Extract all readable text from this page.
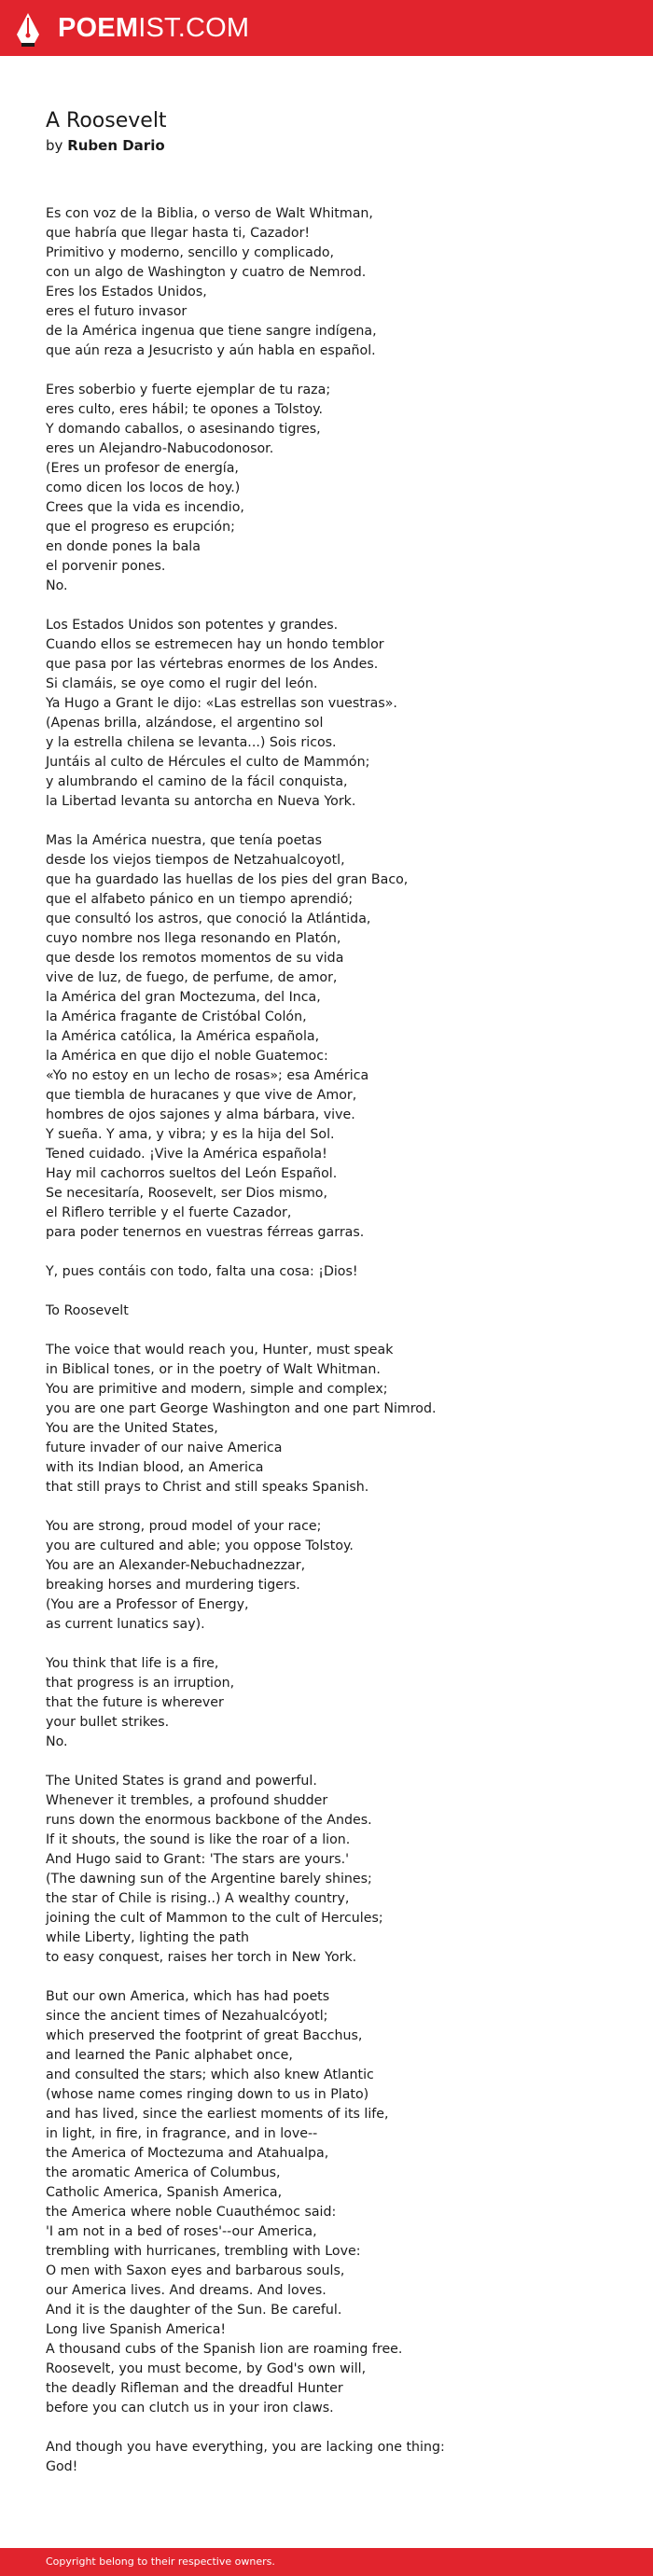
POEMIST.COM
A Roosevelt
by Ruben Dario
Es con voz de la Biblia, o verso de Walt Whitman,
que habría que llegar hasta ti, Cazador!
Primitivo y moderno, sencillo y complicado,
con un algo de Washington y cuatro de Nemrod.
Eres los Estados Unidos,
eres el futuro invasor
de la América ingenua que tiene sangre indígena,
que aún reza a Jesucristo y aún habla en español.
Eres soberbio y fuerte ejemplar de tu raza;
eres culto, eres hábil; te opones a Tolstoy.
Y domando caballos, o asesinando tigres,
eres un Alejandro-Nabucodonosor.
(Eres un profesor de energía,
como dicen los locos de hoy.)
Crees que la vida es incendio,
que el progreso es erupción;
en donde pones la bala
el porvenir pones.
No.
Los Estados Unidos son potentes y grandes.
Cuando ellos se estremecen hay un hondo temblor
que pasa por las vértebras enormes de los Andes.
Si clamáis, se oye como el rugir del león.
Ya Hugo a Grant le dijo: «Las estrellas son vuestras».
(Apenas brilla, alzándose, el argentino sol
y la estrella chilena se levanta...) Sois ricos.
Juntáis al culto de Hércules el culto de Mammón;
y alumbrando el camino de la fácil conquista,
la Libertad levanta su antorcha en Nueva York.
Mas la América nuestra, que tenía poetas
desde los viejos tiempos de Netzahualcoyotl,
que ha guardado las huellas de los pies del gran Baco,
que el alfabeto pánico en un tiempo aprendió;
que consultó los astros, que conoció la Atlántida,
cuyo nombre nos llega resonando en Platón,
que desde los remotos momentos de su vida
vive de luz, de fuego, de perfume, de amor,
la América del gran Moctezuma, del Inca,
la América fragante de Cristóbal Colón,
la América católica, la América española,
la América en que dijo el noble Guatemoc:
«Yo no estoy en un lecho de rosas»; esa América
que tiembla de huracanes y que vive de Amor,
hombres de ojos sajones y alma bárbara, vive.
Y sueña. Y ama, y vibra; y es la hija del Sol.
Tened cuidado. ¡Vive la América española!
Hay mil cachorros sueltos del León Español.
Se necesitaría, Roosevelt, ser Dios mismo,
el Riflero terrible y el fuerte Cazador,
para poder tenernos en vuestras férreas garras.
Y, pues contáis con todo, falta una cosa: ¡Dios!
To Roosevelt
The voice that would reach you, Hunter, must speak
in Biblical tones, or in the poetry of Walt Whitman.
You are primitive and modern, simple and complex;
you are one part George Washington and one part Nimrod.
You are the United States,
future invader of our naive America
with its Indian blood, an America
that still prays to Christ and still speaks Spanish.
You are strong, proud model of your race;
you are cultured and able; you oppose Tolstoy.
You are an Alexander-Nebuchadnezzar,
breaking horses and murdering tigers.
(You are a Professor of Energy,
as current lunatics say).
You think that life is a fire,
that progress is an irruption,
that the future is wherever
your bullet strikes.
No.
The United States is grand and powerful.
Whenever it trembles, a profound shudder
runs down the enormous backbone of the Andes.
If it shouts, the sound is like the roar of a lion.
And Hugo said to Grant: 'The stars are yours.'
(The dawning sun of the Argentine barely shines;
the star of Chile is rising..) A wealthy country,
joining the cult of Mammon to the cult of Hercules;
while Liberty, lighting the path
to easy conquest, raises her torch in New York.
But our own America, which has had poets
since the ancient times of Nezahualcóyotl;
which preserved the footprint of great Bacchus,
and learned the Panic alphabet once,
and consulted the stars; which also knew Atlantic
(whose name comes ringing down to us in Plato)
and has lived, since the earliest moments of its life,
in light, in fire, in fragrance, and in love--
the America of Moctezuma and Atahualpa,
the aromatic America of Columbus,
Catholic America, Spanish America,
the America where noble Cuauthémoc said:
'I am not in a bed of roses'--our America,
trembling with hurricanes, trembling with Love:
O men with Saxon eyes and barbarous souls,
our America lives. And dreams. And loves.
And it is the daughter of the Sun. Be careful.
Long live Spanish America!
A thousand cubs of the Spanish lion are roaming free.
Roosevelt, you must become, by God's own will,
the deadly Rifleman and the dreadful Hunter
before you can clutch us in your iron claws.
And though you have everything, you are lacking one thing:
God!
Copyright belong to their respective owners.
